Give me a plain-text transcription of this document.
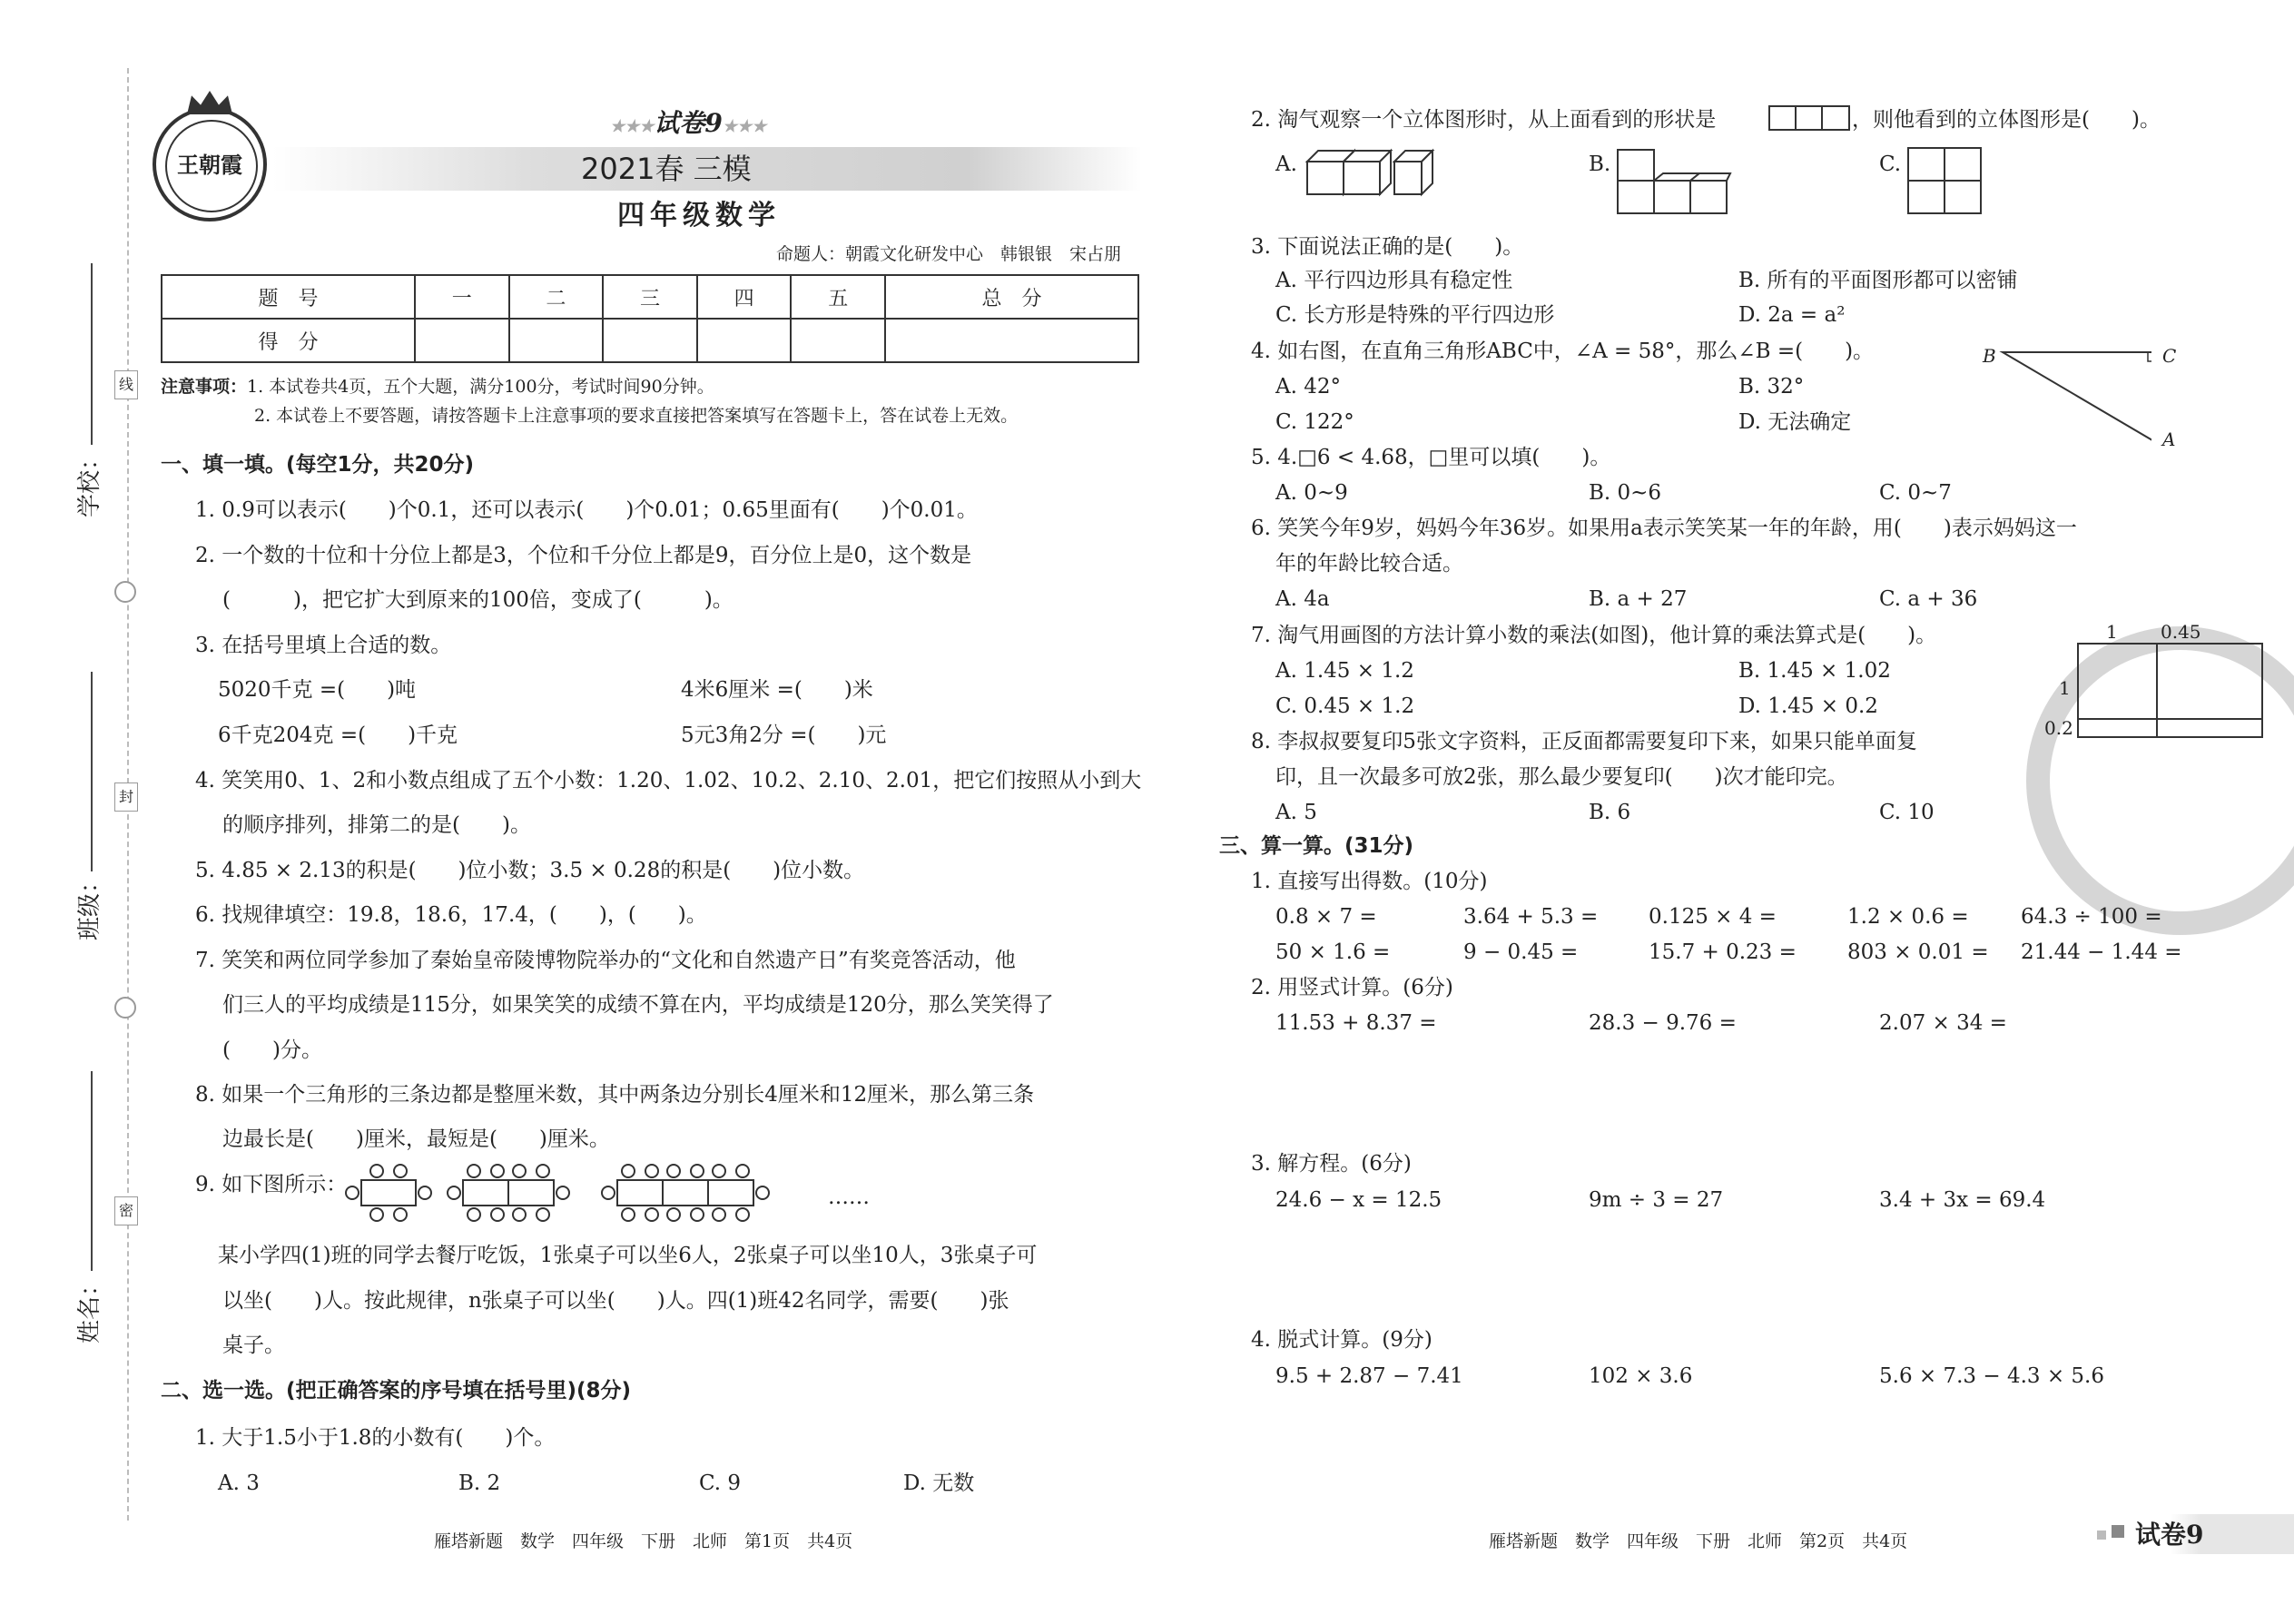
线
封
密
学校：
班级：
姓名：
王朝霞
★★★试卷9★★★
2021春 三模
四年级数学
命题人：朝霞文化研发中心　韩银银　宋占朋
题　号	一	二	三	四	五	总　分
得　分						
注意事项：1. 本试卷共4页，五个大题，满分100分，考试时间90分钟。
2. 本试卷上不要答题，请按答题卡上注意事项的要求直接把答案填写在答题卡上，答在试卷上无效。
一、填一填。(每空1分，共20分)
1. 0.9可以表示(　　)个0.1，还可以表示(　　)个0.01；0.65里面有(　　)个0.01。
2. 一个数的十位和十分位上都是3，个位和千分位上都是9，百分位上是0，这个数是
(　　　)，把它扩大到原来的100倍，变成了(　　　)。
3. 在括号里填上合适的数。
5020千克 =(　　)吨	4米6厘米 =(　　)米
6千克204克 =(　　)千克	5元3角2分 =(　　)元
4. 笑笑用0、1、2和小数点组成了五个小数：1.20、1.02、10.2、2.10、2.01，把它们按照从小到大
的顺序排列，排第二的是(　　)。
5. 4.85 × 2.13的积是(　　)位小数；3.5 × 0.28的积是(　　)位小数。
6. 找规律填空：19.8，18.6，17.4，(　　)，(　　)。
7. 笑笑和两位同学参加了秦始皇帝陵博物院举办的“文化和自然遗产日”有奖竞答活动，他
们三人的平均成绩是115分，如果笑笑的成绩不算在内，平均成绩是120分，那么笑笑得了
(　　)分。
8. 如果一个三角形的三条边都是整厘米数，其中两条边分别长4厘米和12厘米，那么第三条
边最长是(　　)厘米，最短是(　　)厘米。
9. 如下图所示：
……
某小学四(1)班的同学去餐厅吃饭，1张桌子可以坐6人，2张桌子可以坐10人，3张桌子可
以坐(　　)人。按此规律，n张桌子可以坐(　　)人。四(1)班42名同学，需要(　　)张
桌子。
二、选一选。(把正确答案的序号填在括号里)(8分)
1. 大于1.5小于1.8的小数有(　　)个。
A. 3	B. 2	C. 9	D. 无数
2. 淘气观察一个立体图形时，从上面看到的形状是	，则他看到的立体图形是(　　)。
A.	B.	C.
3. 下面说法正确的是(　　)。
A. 平行四边形具有稳定性	B. 所有的平面图形都可以密铺
C. 长方形是特殊的平行四边形	D. 2a = a²
4. 如右图，在直角三角形ABC中，∠A = 58°，那么∠B =(　　)。
A. 42°	B. 32°
C. 122°	D. 无法确定
B	C
A
5. 4.□6 < 4.68，□里可以填(　　)。
A. 0~9	B. 0~6	C. 0~7
6. 笑笑今年9岁，妈妈今年36岁。如果用a表示笑笑某一年的年龄，用(　　)表示妈妈这一
年的年龄比较合适。
A. 4a	B. a + 27	C. a + 36
7. 淘气用画图的方法计算小数的乘法(如图)，他计算的乘法算式是(　　)。
A. 1.45 × 1.2	B. 1.45 × 1.02
C. 0.45 × 1.2	D. 1.45 × 0.2
1 0.45
1
0.2
8. 李叔叔要复印5张文字资料，正反面都需要复印下来，如果只能单面复
印，且一次最多可放2张，那么最少要复印(　　)次才能印完。
A. 5	B. 6	C. 10
三、算一算。(31分)
1. 直接写出得数。(10分)
0.8 × 7 =	3.64 + 5.3 = 0.125 × 4 =	1.2 × 0.6 = 64.3 ÷ 100 =
50 × 1.6 =	9 − 0.45 =	15.7 + 0.23 = 803 × 0.01 = 21.44 − 1.44 =
2. 用竖式计算。(6分)
11.53 + 8.37 =	28.3 − 9.76 =	2.07 × 34 =
3. 解方程。(6分)
24.6 − x = 12.5	9m ÷ 3 = 27	3.4 + 3x = 69.4
4. 脱式计算。(9分)
9.5 + 2.87 − 7.41	102 × 3.6	5.6 × 7.3 − 4.3 × 5.6
雁塔新题　数学　四年级　下册　北师　第1页　共4页	雁塔新题　数学　四年级　下册　北师　第2页　共4页	试卷9
